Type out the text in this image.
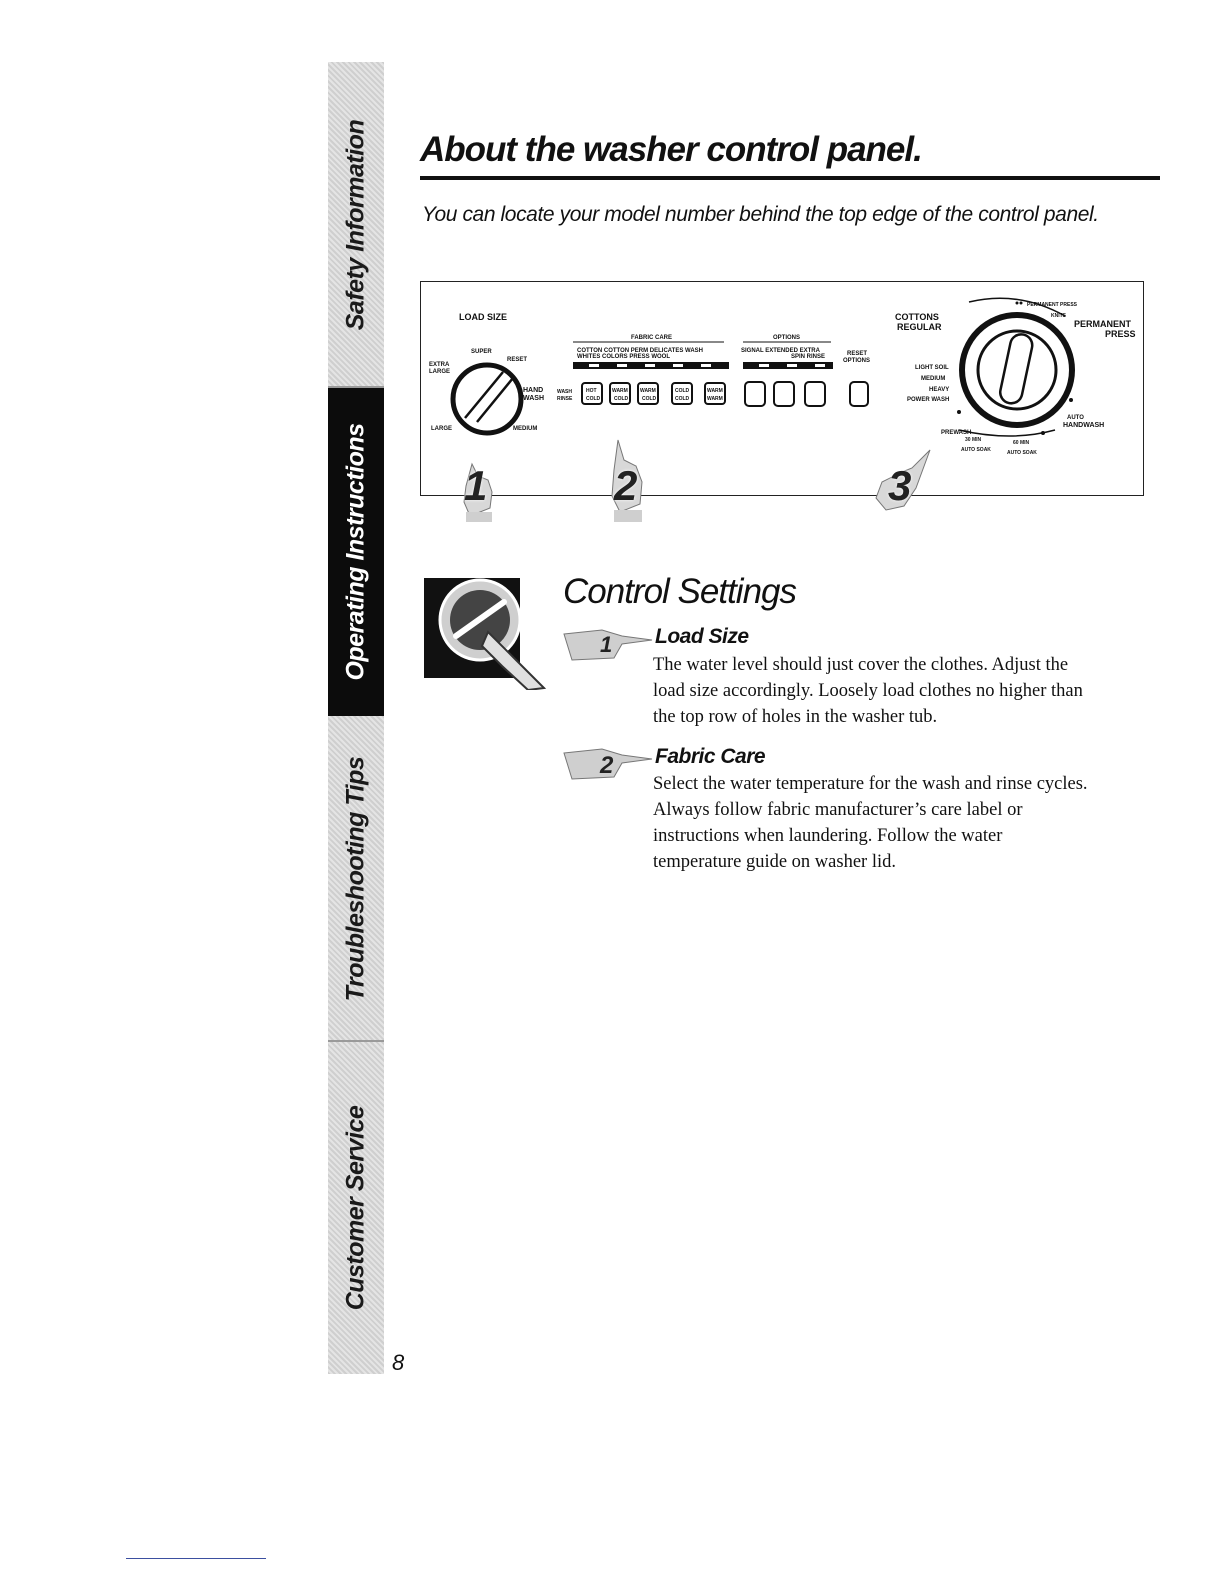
Safety Information
Operating Instructions
Troubleshooting Tips
Customer Service
8
About the washer control panel.
You can locate your model number behind the top edge of the control panel.
LOAD SIZE
SUPER
EXTRA
LARGE
RESET
HAND
WASH
LARGE	MEDIUM
FABRIC CARE
COTTON COTTON PERM DELICATES WASH
WHITES COLORS PRESS WOOL
WASH
RINSE
HOT
COLD
WARM
COLD
WARM
COLD
COLD
COLD
WARM
WARM
OPTIONS
SIGNAL EXTENDED EXTRA
SPIN RINSE	RESET
OPTIONS
PERMANENT PRESS
KNITS
COTTONS
REGULAR	PERMANENT
PRESS
LIGHT SOIL
MEDIUM
HEAVY
POWER WASH
AUTO
HANDWASH
PREWASH
30 MIN	60 MIN
AUTO SOAK	AUTO SOAK
1	2	3
Control Settings
1 Load Size
The water level should just cover the clothes. Adjust the
load size accordingly. Loosely load clothes no higher than
the top row of holes in the washer tub.
2 Fabric Care
Select the water temperature for the wash and rinse cycles.
Always follow fabric manufacturer’s care label or
instructions when laundering. Follow the water
temperature guide on washer lid.
